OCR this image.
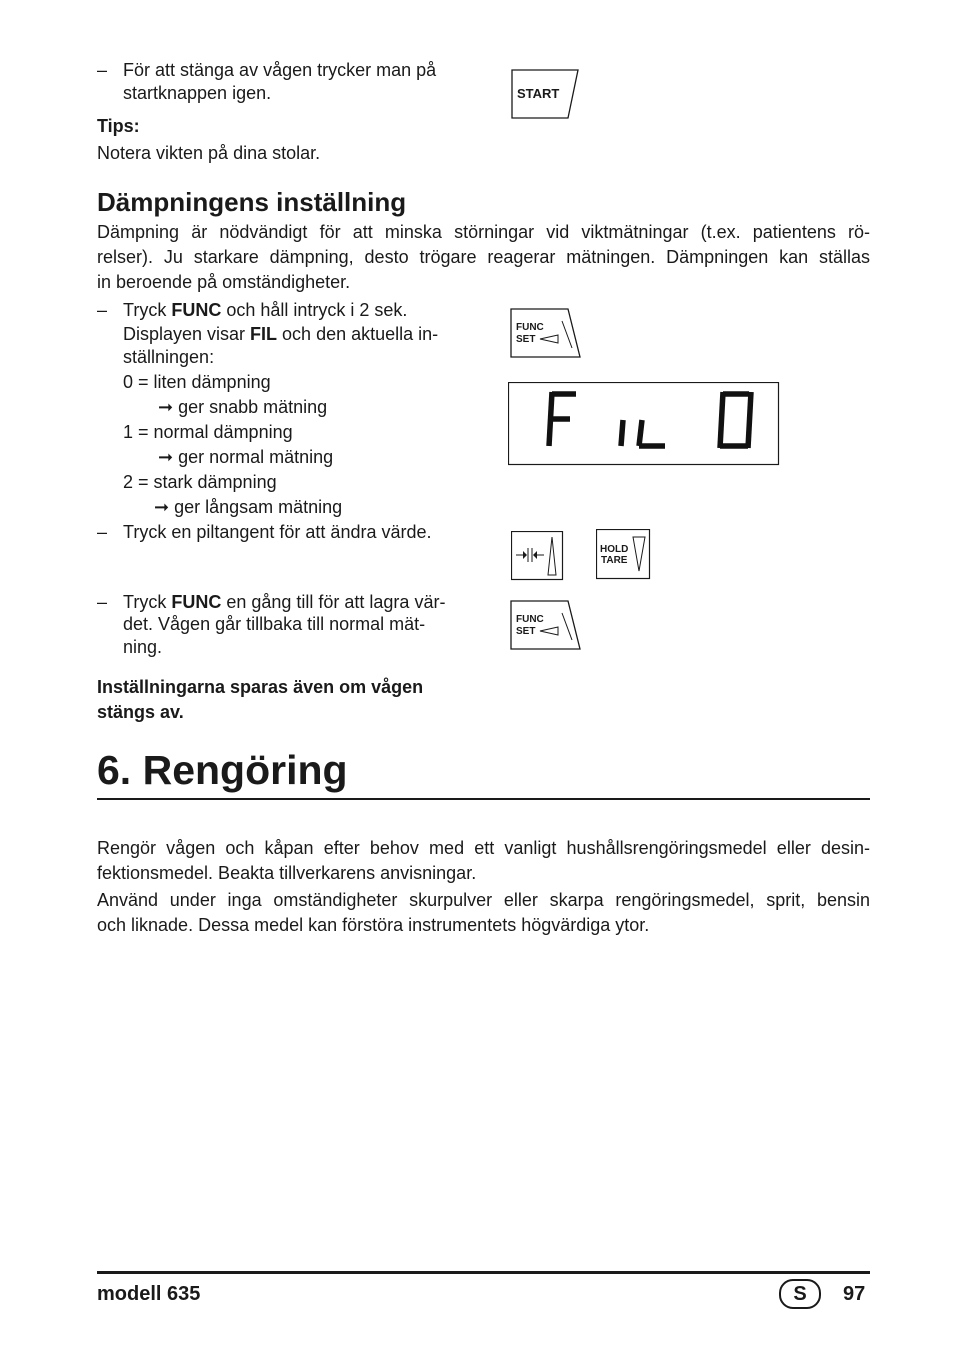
– För att stänga av vågen trycker man på
startknappen igen.	START
Tips:
Notera vikten på dina stolar.
Dämpningens inställning
Dämpning är nödvändigt för att minska störningar vid viktmätningar (t.ex. patientens rö-
relser). Ju starkare dämpning, desto trögare reagerar mätningen. Dämpningen kan ställas
in beroende på omständigheter.
– Tryck FUNC och håll intryck i 2 sek.
Displayen visar FIL och den aktuella in-
ställningen:
0 = liten dämpning
➞ ger snabb mätning
1 = normal dämpning
➞ ger normal mätning
2 = stark dämpning
➞ ger långsam mätning
– Tryck en piltangent för att ändra värde.
– Tryck FUNC en gång till för att lagra vär-
det. Vågen går tillbaka till normal mät-
ning.
Inställningarna sparas även om vågen
stängs av.
FUNC
SET
HOLD
TARE
FUNC
SET
6. Rengöring
Rengör vågen och kåpan efter behov med ett vanligt hushållsrengöringsmedel eller desin-
fektionsmedel. Beakta tillverkarens anvisningar.
Använd under inga omständigheter skurpulver eller skarpa rengöringsmedel, sprit, bensin
och liknade. Dessa medel kan förstöra instrumentets högvärdiga ytor.
modell 635	S	97
